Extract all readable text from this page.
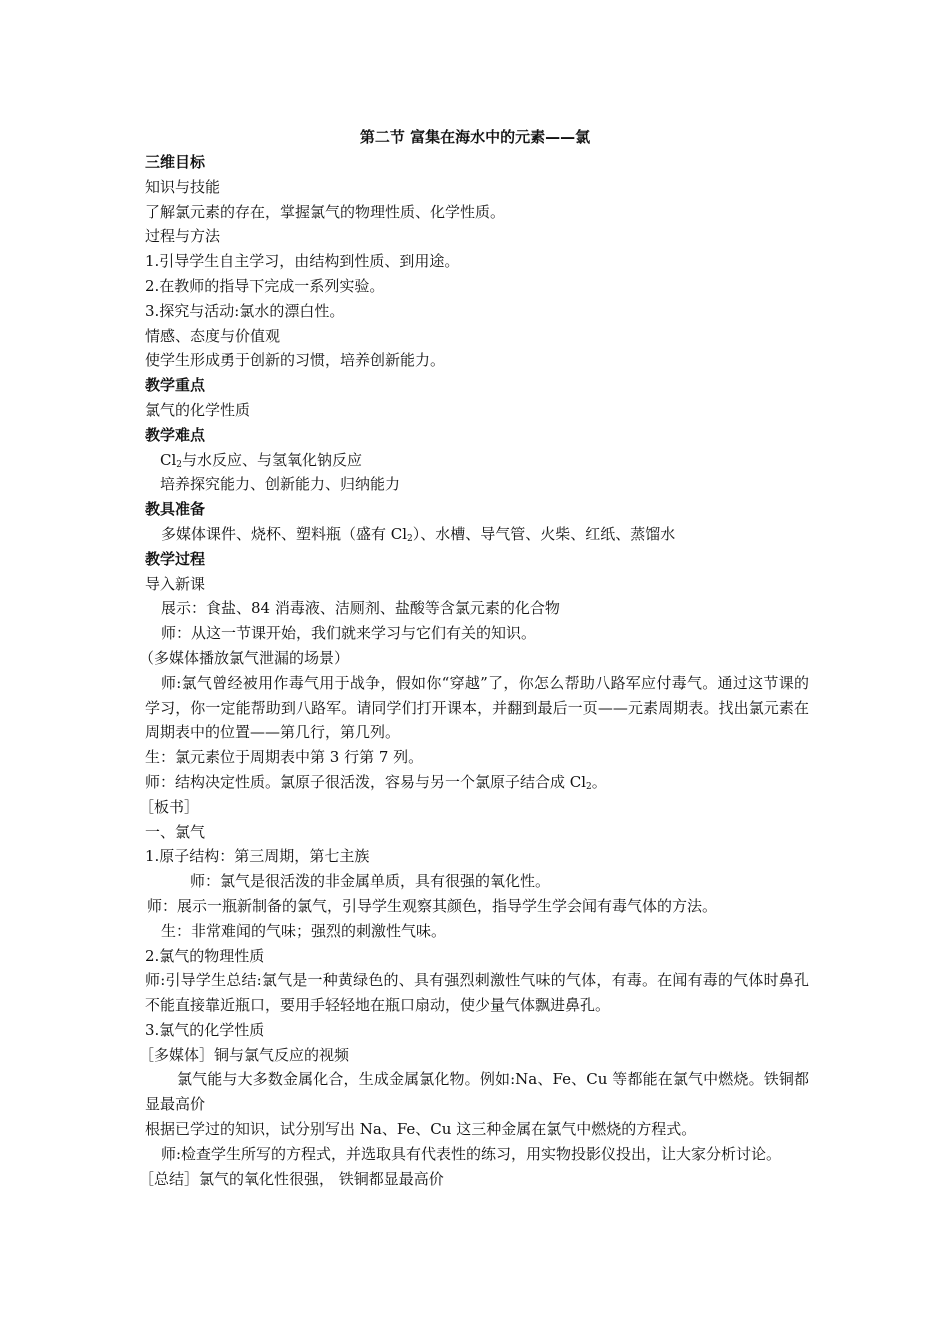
第二节 富集在海水中的元素——氯

三维目标

知识与技能

了解氯元素的存在，掌握氯气的物理性质、化学性质。

过程与方法

1.引导学生自主学习，由结构到性质、到用途。

2.在教师的指导下完成一系列实验。

3.探究与活动:氯水的漂白性。

情感、态度与价值观

使学生形成勇于创新的习惯，培养创新能力。

教学重点

氯气的化学性质

教学难点

$Cl_2$与水反应、与氢氧化钠反应

培养探究能力、创新能力、归纳能力

教具准备

多媒体课件、烧杯、塑料瓶（盛有 $Cl_2$）、水槽、导气管、火柴、红纸、蒸馏水

教学过程

导入新课

展示：食盐、84 消毒液、洁厕剂、盐酸等含氯元素的化合物

师：从这一节课开始，我们就来学习与它们有关的知识。

（多媒体播放氯气泄漏的场景）

师:氯气曾经被用作毒气用于战争，假如你“穿越”了，你怎么帮助八路军应付毒气。通过这节课的学习，你一定能帮助到八路军。请同学们打开课本，并翻到最后一页——元素周期表。找出氯元素在周期表中的位置——第几行，第几列。

生：氯元素位于周期表中第 3 行第 7 列。

师：结构决定性质。氯原子很活泼，容易与另一个氯原子结合成 $Cl_2$。

［板书］

一、氯气

1.原子结构：第三周期，第七主族

师：氯气是很活泼的非金属单质，具有很强的氧化性。

师：展示一瓶新制备的氯气，引导学生观察其颜色，指导学生学会闻有毒气体的方法。

生：非常难闻的气味；强烈的刺激性气味。

2.氯气的物理性质

师:引导学生总结:氯气是一种黄绿色的、具有强烈刺激性气味的气体，有毒。在闻有毒的气体时鼻孔不能直接靠近瓶口，要用手轻轻地在瓶口扇动，使少量气体飘进鼻孔。

3.氯气的化学性质

［多媒体］铜与氯气反应的视频

氯气能与大多数金属化合，生成金属氯化物。例如:Na、Fe、Cu 等都能在氯气中燃烧。铁铜都显最高价

根据已学过的知识，试分别写出 Na、Fe、Cu 这三种金属在氯气中燃烧的方程式。

师:检查学生所写的方程式，并选取具有代表性的练习，用实物投影仪投出，让大家分析讨论。

［总结］氯气的氧化性很强， 铁铜都显最高价
